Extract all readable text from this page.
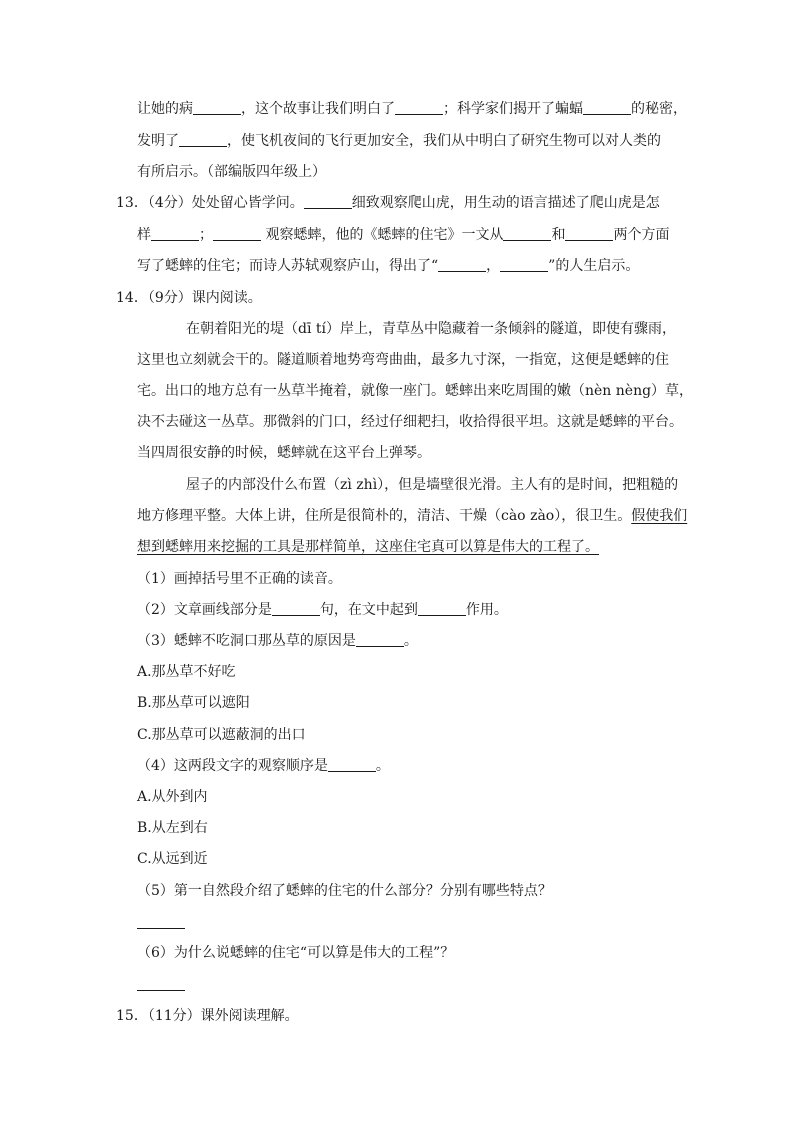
让她的病	，这个故事让我们明白了	；科学家们揭开了蝙蝠	的秘密，
发明了	，使飞机夜间的飞行更加安全，我们从中明白了研究生物可以对人类的
有所启示。（部编版四年级上）
13．（4分）处处留心皆学问。	细致观察爬山虎，用生动的语言描述了爬山虎是怎
样	；	观察蟋蟀，他的《蟋蟀的住宅》一文从	和	两个方面
写了蟋蟀的住宅；而诗人苏轼观察庐山，得出了“	，	”的人生启示。
14．（9分）课内阅读。
在朝着阳光的堤（dī tí）岸上，青草丛中隐藏着一条倾斜的隧道，即使有骤雨，
这里也立刻就会干的。隧道顺着地势弯弯曲曲，最多九寸深，一指宽，这便是蟋蟀的住
宅。出口的地方总有一丛草半掩着，就像一座门。蟋蟀出来吃周围的嫩（nèn nèng）草，
决不去碰这一丛草。那微斜的门口，经过仔细耙扫，收拾得很平坦。这就是蟋蟀的平台。
当四周很安静的时候，蟋蟀就在这平台上弹琴。
屋子的内部没什么布置（zì zhì），但是墙壁很光滑。主人有的是时间，把粗糙的
地方修理平整。大体上讲，住所是很简朴的，清洁、干燥（cào zào），很卫生。假使我们
想到蟋蟀用来挖掘的工具是那样简单，这座住宅真可以算是伟大的工程了。
（1）画掉括号里不正确的读音。
（2）文章画线部分是	句，在文中起到	作用。
（3）蟋蟀不吃洞口那丛草的原因是	。
A.那丛草不好吃
B.那丛草可以遮阳
C.那丛草可以遮蔽洞的出口
（4）这两段文字的观察顺序是	。
A.从外到内
B.从左到右
C.从远到近
（5）第一自然段介绍了蟋蟀的住宅的什么部分？分别有哪些特点？
（6）为什么说蟋蟀的住宅“可以算是伟大的工程”？
15．（11分）课外阅读理解。
